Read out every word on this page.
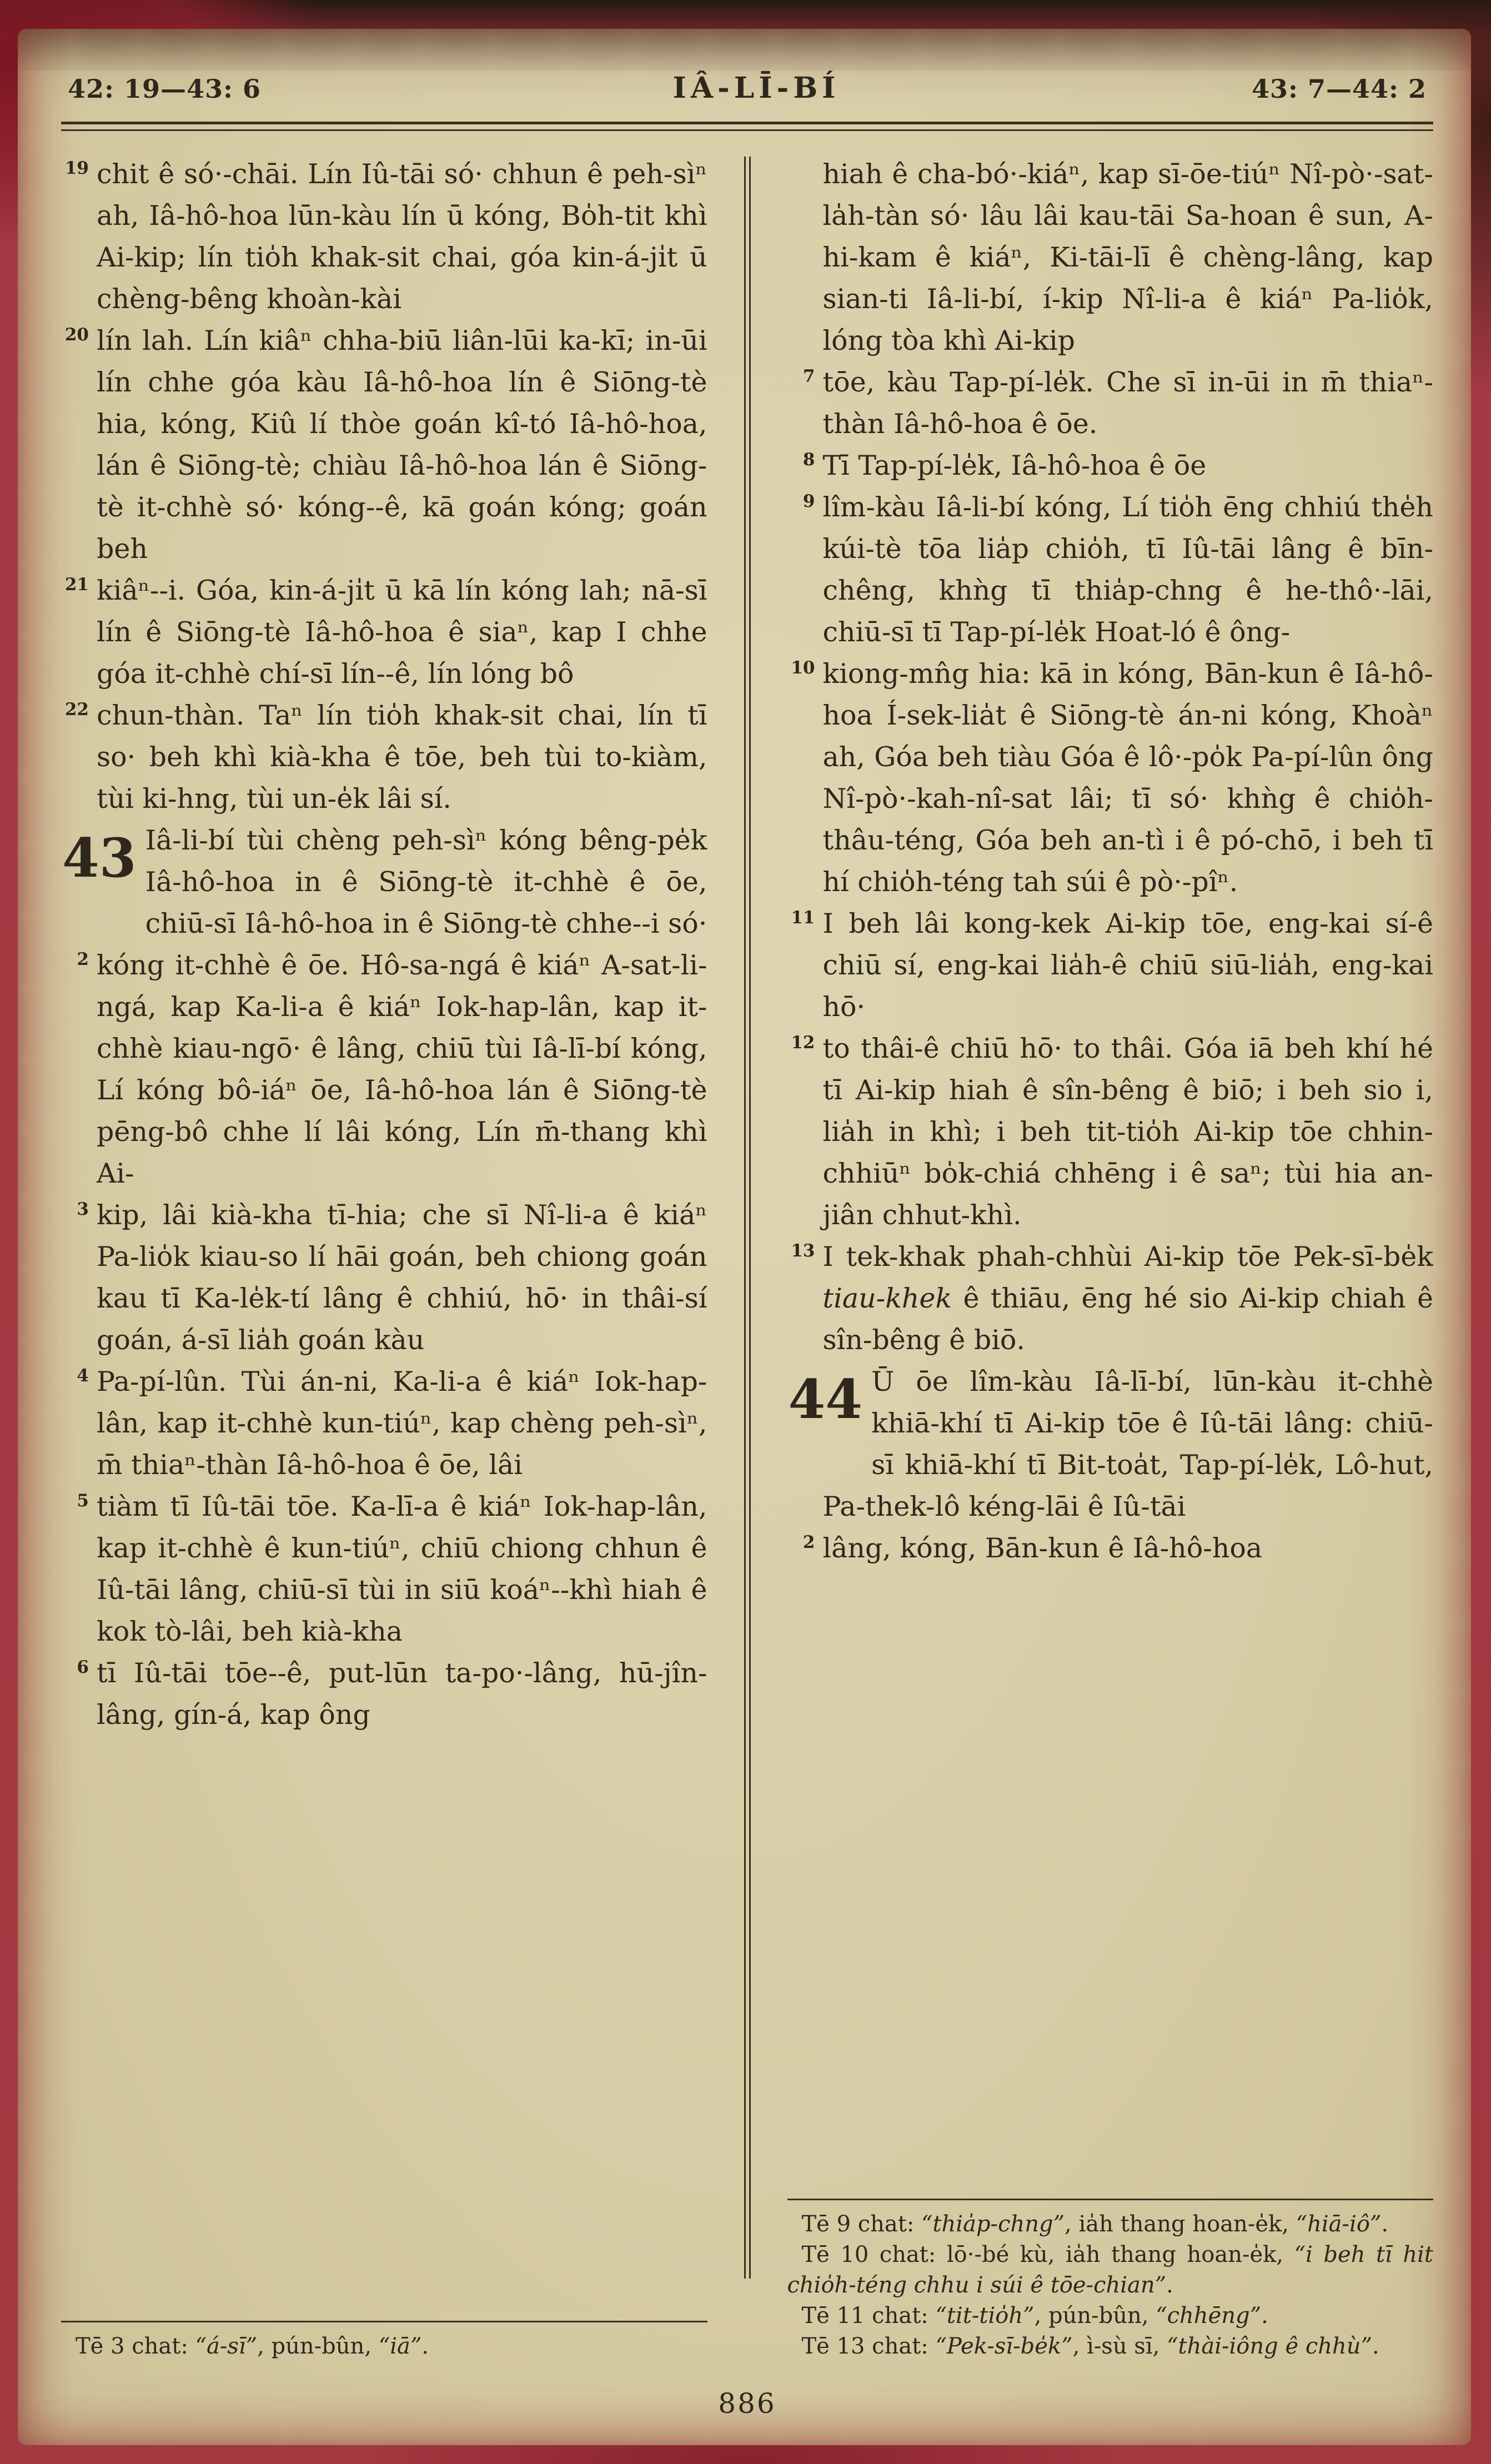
42: 19—43: 6	IÂ-LĪ-BÍ	43: 7—44: 2

19 chit ê só·-chāi. Lín Iû-tāi só· chhun ê peh-sìⁿ ah, Iâ-hô-hoa lūn-kàu lín ū kóng, Bo̍h-tit khì Ai-kip; lín tio̍h khak-sit chai, góa kin-á-ji̍t ū chèng-bêng khoàn-kài

20 lín lah. Lín kiâⁿ chha-biū liân-lūi ka-kī; in-ūi lín chhe góa kàu Iâ-hô-hoa lín ê Siōng-tè hia, kóng, Kiû lí thòe goán kî-tó Iâ-hô-hoa, lán ê Siōng-tè; chiàu Iâ-hô-hoa lán ê Siōng-tè it-chhè só· kóng--ê, kā goán kóng; goán beh

21 kiâⁿ--i. Góa, kin-á-ji̍t ū kā lín kóng lah; nā-sī lín ê Siōng-tè Iâ-hô-hoa ê siaⁿ, kap I chhe góa it-chhè chí-sī lín--ê, lín lóng bô

22 chun-thàn. Taⁿ lín tio̍h khak-sit chai, lín tī so· beh khì kià-kha ê tōe, beh tùi to-kiàm, tùi ki-hng, tùi un-e̍k lâi sí.

43 Iâ-li-bí tùi chèng peh-sìⁿ kóng bêng-pe̍k Iâ-hô-hoa in ê Siōng-tè it-chhè ê ōe, chiū-sī Iâ-hô-hoa in ê Siōng-tè chhe--i só·

2 kóng it-chhè ê ōe. Hô-sa-ngá ê kiáⁿ A-sat-li-ngá, kap Ka-li-a ê kiáⁿ Iok-hap-lân, kap it-chhè kiau-ngō· ê lâng, chiū tùi Iâ-lī-bí kóng, Lí kóng bô-iáⁿ ōe, Iâ-hô-hoa lán ê Siōng-tè pēng-bô chhe lí lâi kóng, Lín m̄-thang khì Ai-

3 kip, lâi kià-kha tī-hia; che sī Nî-li-a ê kiáⁿ Pa-lio̍k kiau-so lí hāi goán, beh chiong goán kau tī Ka-le̍k-tí lâng ê chhiú, hō· in thâi-sí goán, á-sī lia̍h goán kàu

4 Pa-pí-lûn. Tùi án-ni, Ka-li-a ê kiáⁿ Iok-hap-lân, kap it-chhè kun-tiúⁿ, kap chèng peh-sìⁿ, m̄ thiaⁿ-thàn Iâ-hô-hoa ê ōe, lâi

5 tiàm tī Iû-tāi tōe. Ka-lī-a ê kiáⁿ Iok-hap-lân, kap it-chhè ê kun-tiúⁿ, chiū chiong chhun ê Iû-tāi lâng, chiū-sī tùi in siū koáⁿ--khì hiah ê kok tò-lâi, beh kià-kha

6 tī Iû-tāi tōe--ê, put-lūn ta-po·-lâng, hū-jîn-lâng, gín-á, kap ông

Tē 3 chat: “á-sī”, pún-bûn, “iā”.

hiah ê cha-bó·-kiáⁿ, kap sī-ōe-tiúⁿ Nî-pò·-sat-la̍h-tàn só· lâu lâi kau-tāi Sa-hoan ê sun, A-hi-kam ê kiáⁿ, Ki-tāi-lī ê chèng-lâng, kap sian-ti Iâ-li-bí, í-kip Nî-li-a ê kiáⁿ Pa-lio̍k, lóng tòa khì Ai-kip

7 tōe, kàu Tap-pí-le̍k. Che sī in-ūi in m̄ thiaⁿ-thàn Iâ-hô-hoa ê ōe.

8 Tī Tap-pí-le̍k, Iâ-hô-hoa ê ōe

9 lîm-kàu Iâ-li-bí kóng, Lí tio̍h ēng chhiú the̍h kúi-tè tōa lia̍p chio̍h, tī Iû-tāi lâng ê bīn-chêng, khǹg tī thia̍p-chng ê he-thô·-lāi, chiū-sī tī Tap-pí-le̍k Hoat-ló ê ông-

10 kiong-mn̂g hia: kā in kóng, Bān-kun ê Iâ-hô-hoa Í-sek-lia̍t ê Siōng-tè án-ni kóng, Khoàⁿ ah, Góa beh tiàu Góa ê lô·-po̍k Pa-pí-lûn ông Nî-pò·-kah-nî-sat lâi; tī só· khǹg ê chio̍h-thâu-téng, Góa beh an-tì i ê pó-chō, i beh tī hí chio̍h-téng tah súi ê pò·-pîⁿ.

11 I beh lâi kong-kek Ai-kip tōe, eng-kai sí-ê chiū sí, eng-kai lia̍h-ê chiū siū-lia̍h, eng-kai hō·

12 to thâi-ê chiū hō· to thâi. Góa iā beh khí hé tī Ai-kip hiah ê sîn-bêng ê biō; i beh sio i, lia̍h in khì; i beh tit-tio̍h Ai-kip tōe chhin-chhiūⁿ bo̍k-chiá chhēng i ê saⁿ; tùi hia an-jiân chhut-khì.

13 I tek-khak phah-chhùi Ai-kip tōe Pek-sī-be̍k tiau-khek ê thiāu, ēng hé sio Ai-kip chiah ê sîn-bêng ê biō.

44 Ū ōe lîm-kàu Iâ-lī-bí, lūn-kàu it-chhè khiā-khí tī Ai-kip tōe ê Iû-tāi lâng: chiū-sī khiā-khí tī Bit-toa̍t, Tap-pí-le̍k, Lô-hut, Pa-thek-lô kéng-lāi ê Iû-tāi

2 lâng, kóng, Bān-kun ê Iâ-hô-hoa

Tē 9 chat: “thia̍p-chng”, ia̍h thang hoan-e̍k, “hiā-iô”.

Tē 10 chat: lō·-bé kù, ia̍h thang hoan-e̍k, “i beh tī hit chio̍h-téng chhu i súi ê tōe-chian”.

Tē 11 chat: “tit-tio̍h”, pún-bûn, “chhēng”.

Tē 13 chat: “Pek-sī-be̍k”, ì-sù sī, “thài-iông ê chhù”.

886
